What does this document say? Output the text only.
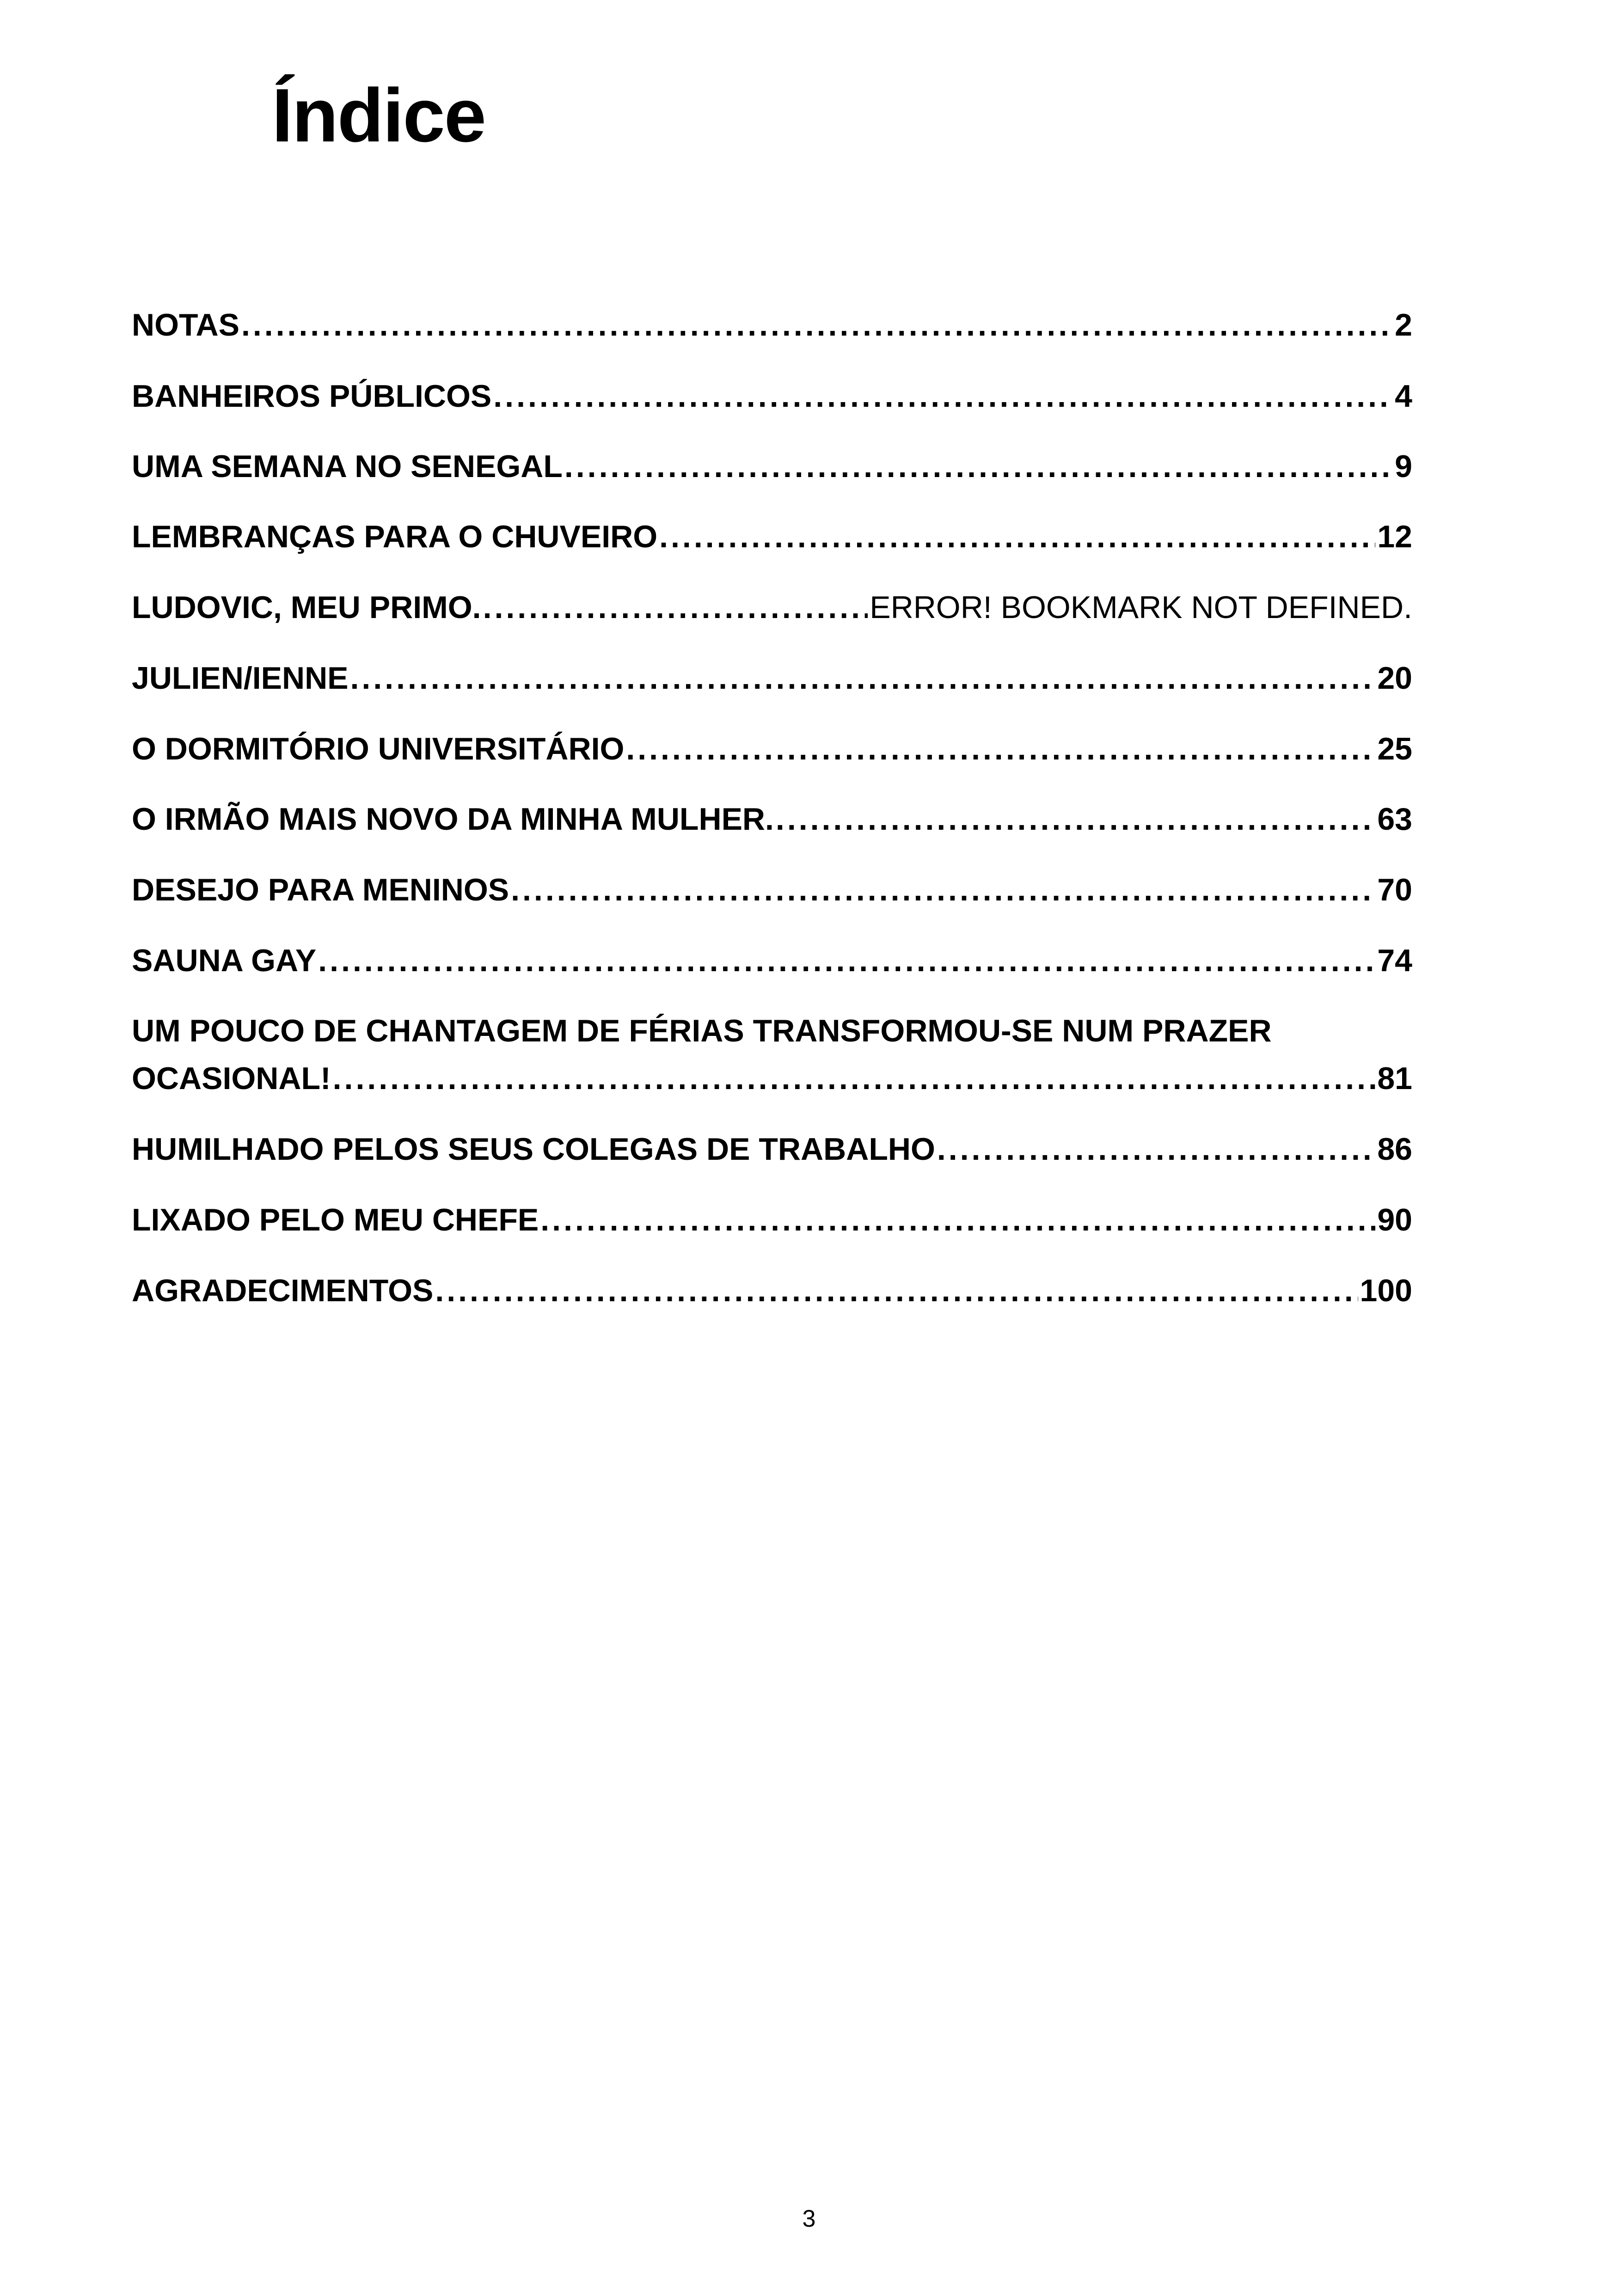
Índice
NOTAS .....	2
BANHEIROS PÚBLICOS .....	4
UMA SEMANA NO SENEGAL .....	9
LEMBRANÇAS PARA O CHUVEIRO .....	12
LUDOVIC, MEU PRIMO. .....	ERROR! BOOKMARK NOT DEFINED.
JULIEN/IENNE .....	20
O DORMITÓRIO UNIVERSITÁRIO .....	25
O IRMÃO MAIS NOVO DA MINHA MULHER. .....	63
DESEJO PARA MENINOS .....	70
SAUNA GAY .....	74
UM POUCO DE CHANTAGEM DE FÉRIAS TRANSFORMOU-SE NUM PRAZER
OCASIONAL! .....	81
HUMILHADO PELOS SEUS COLEGAS DE TRABALHO .....	86
LIXADO PELO MEU CHEFE .....	90
AGRADECIMENTOS .....	100
3
